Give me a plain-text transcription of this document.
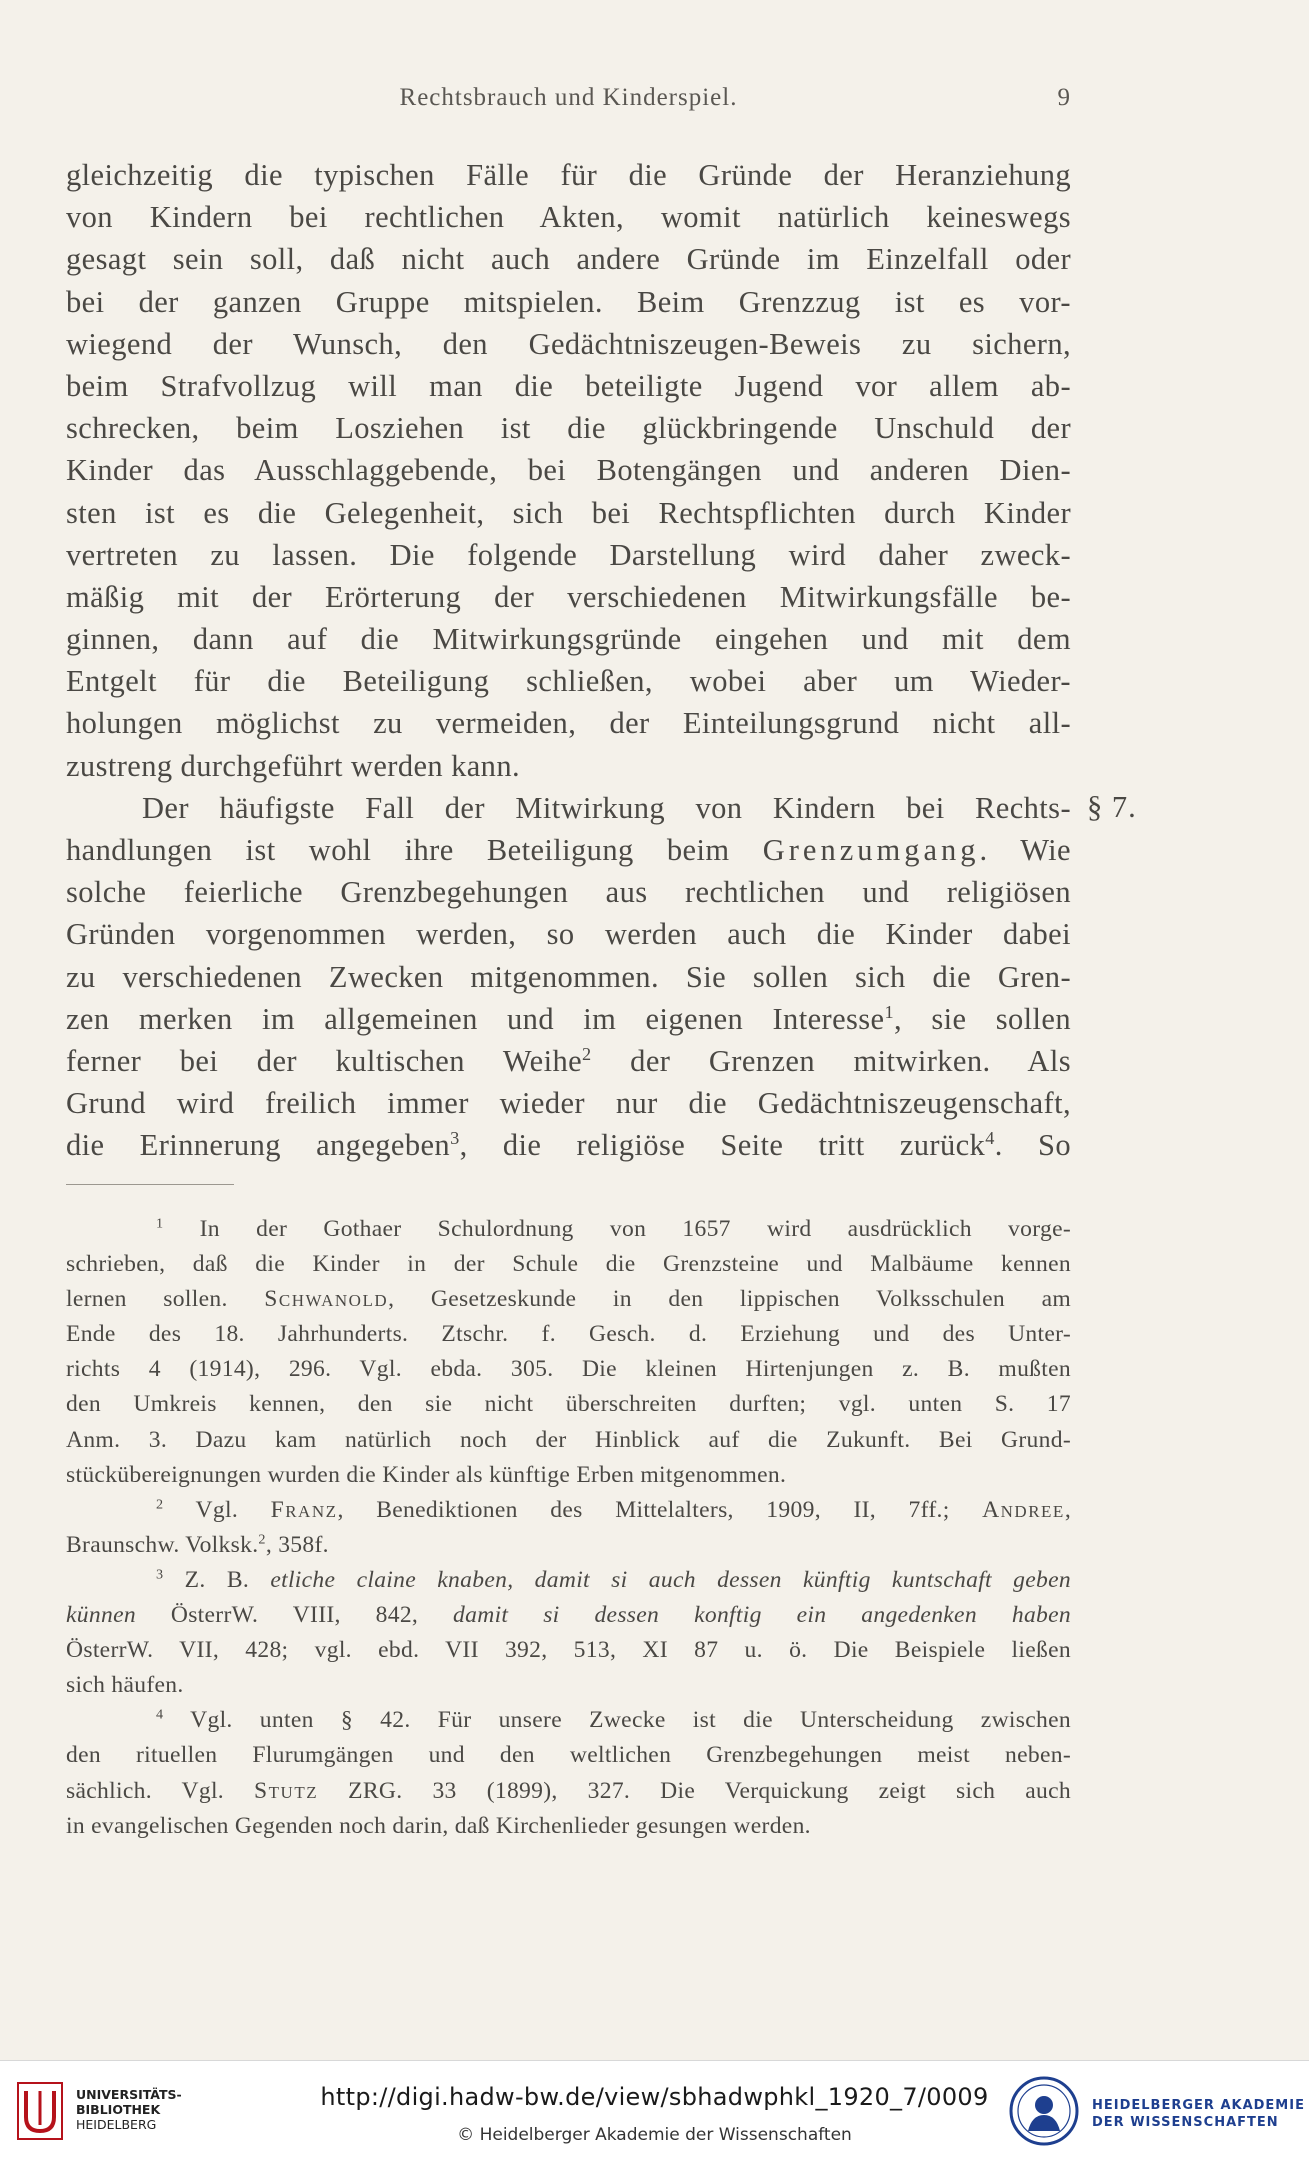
Rechtsbrauch und Kinderspiel.	9
gleichzeitig die typischen Fälle für die Gründe der Heranziehung
von Kindern bei rechtlichen Akten, womit natürlich keineswegs
gesagt sein soll, daß nicht auch andere Gründe im Einzelfall oder
bei der ganzen Gruppe mitspielen. Beim Grenzzug ist es vor-
wiegend der Wunsch, den Gedächtniszeugen-Beweis zu sichern,
beim Strafvollzug will man die beteiligte Jugend vor allem ab-
schrecken, beim Losziehen ist die glückbringende Unschuld der
Kinder das Ausschlaggebende, bei Botengängen und anderen Dien-
sten ist es die Gelegenheit, sich bei Rechtspflichten durch Kinder
vertreten zu lassen. Die folgende Darstellung wird daher zweck-
mäßig mit der Erörterung der verschiedenen Mitwirkungsfälle be-
ginnen, dann auf die Mitwirkungsgründe eingehen und mit dem
Entgelt für die Beteiligung schließen, wobei aber um Wieder-
holungen möglichst zu vermeiden, der Einteilungsgrund nicht all-
zustreng durchgeführt werden kann.
Der häufigste Fall der Mitwirkung von Kindern bei Rechts-
handlungen ist wohl ihre Beteiligung beim Grenzumgang. Wie
solche feierliche Grenzbegehungen aus rechtlichen und religiösen
Gründen vorgenommen werden, so werden auch die Kinder dabei
zu verschiedenen Zwecken mitgenommen. Sie sollen sich die Gren-
zen merken im allgemeinen und im eigenen Interesse$^1$, sie sollen
ferner bei der kultischen Weihe$^2$ der Grenzen mitwirken. Als
Grund wird freilich immer wieder nur die Gedächtniszeugenschaft,
die Erinnerung angegeben$^3$, die religiöse Seite tritt zurück$^4$. So
§ 7.
$^1$ In der Gothaer Schulordnung von 1657 wird ausdrücklich vorge-
schrieben, daß die Kinder in der Schule die Grenzsteine und Malbäume kennen
lernen sollen. Schwanold, Gesetzeskunde in den lippischen Volksschulen am
Ende des 18. Jahrhunderts. Ztschr. f. Gesch. d. Erziehung und des Unter-
richts 4 (1914), 296. Vgl. ebda. 305. Die kleinen Hirtenjungen z. B. mußten
den Umkreis kennen, den sie nicht überschreiten durften; vgl. unten S. 17
Anm. 3. Dazu kam natürlich noch der Hinblick auf die Zukunft. Bei Grund-
stückübereignungen wurden die Kinder als künftige Erben mitgenommen.
$^2$ Vgl. Franz, Benediktionen des Mittelalters, 1909, II, 7ff.; Andree,
Braunschw. Volksk.$^2$, 358f.
$^3$ Z. B. etliche claine knaben, damit si auch dessen künftig kuntschaft geben
künnen ÖsterrW. VIII, 842, damit si dessen konftig ein angedenken haben
ÖsterrW. VII, 428; vgl. ebd. VII 392, 513, XI 87 u. ö. Die Beispiele ließen
sich häufen.
$^4$ Vgl. unten § 42. Für unsere Zwecke ist die Unterscheidung zwischen
den rituellen Flurumgängen und den weltlichen Grenzbegehungen meist neben-
sächlich. Vgl. Stutz ZRG. 33 (1899), 327. Die Verquickung zeigt sich auch
in evangelischen Gegenden noch darin, daß Kirchenlieder gesungen werden.
UNIVERSITÄTS-
BIBLIOTHEK
HEIDELBERG
http://digi.hadw-bw.de/view/sbhadwphkl_1920_7/0009
© Heidelberger Akademie der Wissenschaften
HEIDELBERGER AKADEMIE
DER WISSENSCHAFTEN
